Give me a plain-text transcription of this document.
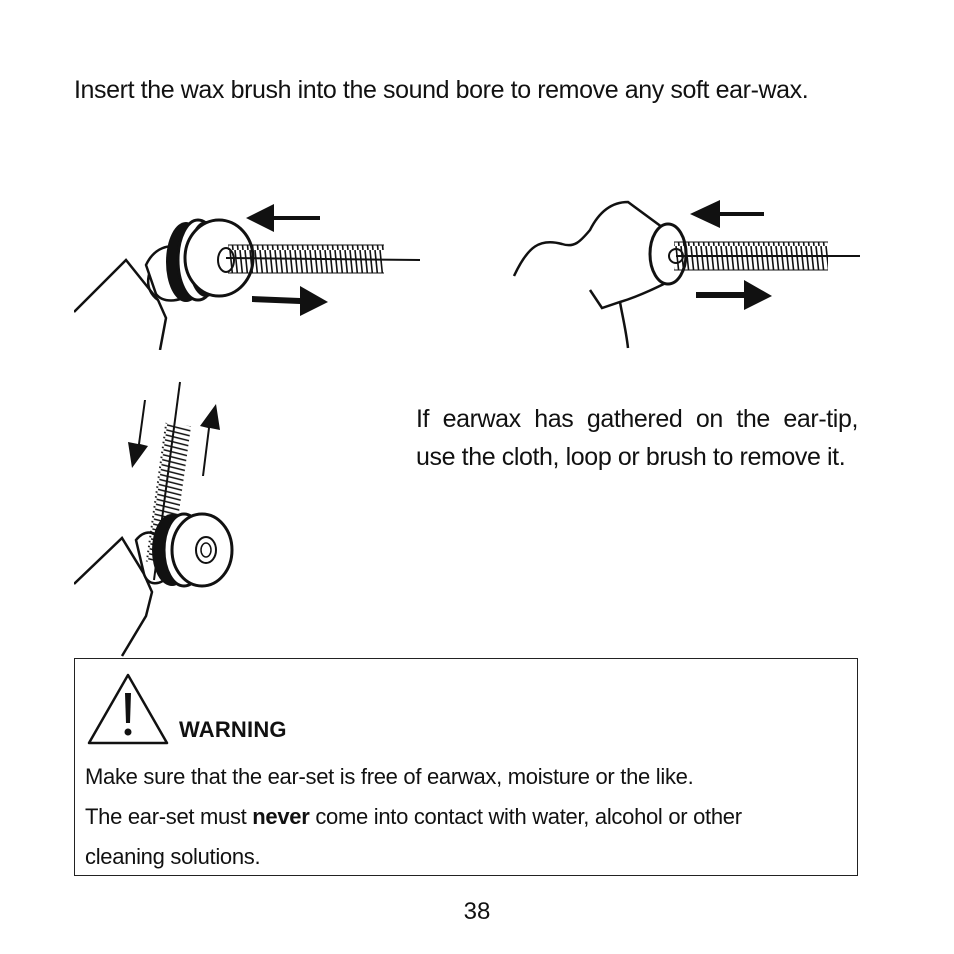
Insert the wax brush into the sound bore to remove any soft ear-wax.

If earwax has gathered on the ear-tip, use the cloth, loop or brush to remove it.

WARNING
Make sure that the ear-set is free of earwax, moisture or the like.
The ear-set must never come into contact with water, alcohol or other
cleaning solutions.
38
